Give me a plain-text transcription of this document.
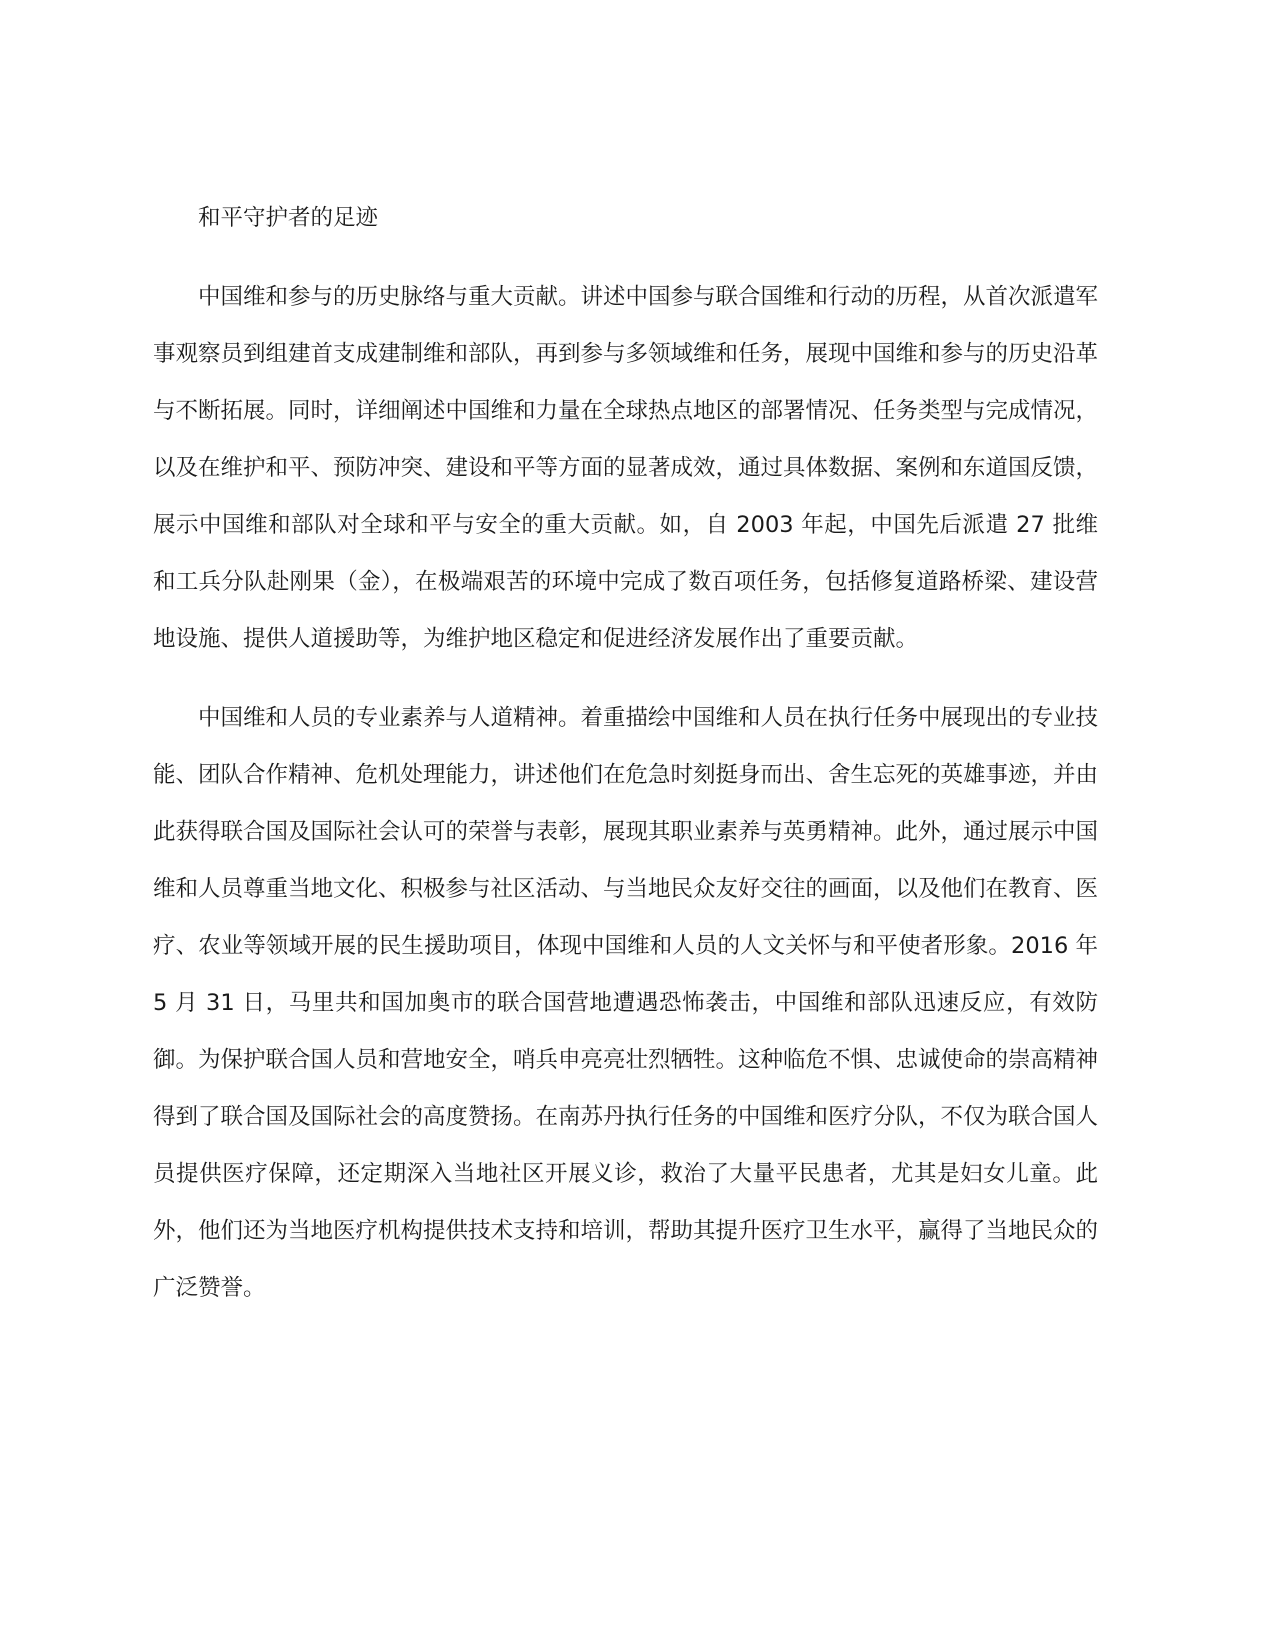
和平守护者的足迹

中国维和参与的历史脉络与重大贡献。讲述中国参与联合国维和行动的历程，从首次派遣军事观察员到组建首支成建制维和部队，再到参与多领域维和任务，展现中国维和参与的历史沿革与不断拓展。同时，详细阐述中国维和力量在全球热点地区的部署情况、任务类型与完成情况，以及在维护和平、预防冲突、建设和平等方面的显著成效，通过具体数据、案例和东道国反馈，展示中国维和部队对全球和平与安全的重大贡献。如，自 2003 年起，中国先后派遣 27 批维和工兵分队赴刚果（金），在极端艰苦的环境中完成了数百项任务，包括修复道路桥梁、建设营地设施、提供人道援助等，为维护地区稳定和促进经济发展作出了重要贡献。

中国维和人员的专业素养与人道精神。着重描绘中国维和人员在执行任务中展现出的专业技能、团队合作精神、危机处理能力，讲述他们在危急时刻挺身而出、舍生忘死的英雄事迹，并由此获得联合国及国际社会认可的荣誉与表彰，展现其职业素养与英勇精神。此外，通过展示中国维和人员尊重当地文化、积极参与社区活动、与当地民众友好交往的画面，以及他们在教育、医疗、农业等领域开展的民生援助项目，体现中国维和人员的人文关怀与和平使者形象。2016 年 5 月 31 日，马里共和国加奥市的联合国营地遭遇恐怖袭击，中国维和部队迅速反应，有效防御。为保护联合国人员和营地安全，哨兵申亮亮壮烈牺牲。这种临危不惧、忠诚使命的崇高精神得到了联合国及国际社会的高度赞扬。在南苏丹执行任务的中国维和医疗分队，不仅为联合国人员提供医疗保障，还定期深入当地社区开展义诊，救治了大量平民患者，尤其是妇女儿童。此外，他们还为当地医疗机构提供技术支持和培训，帮助其提升医疗卫生水平，赢得了当地民众的广泛赞誉。
